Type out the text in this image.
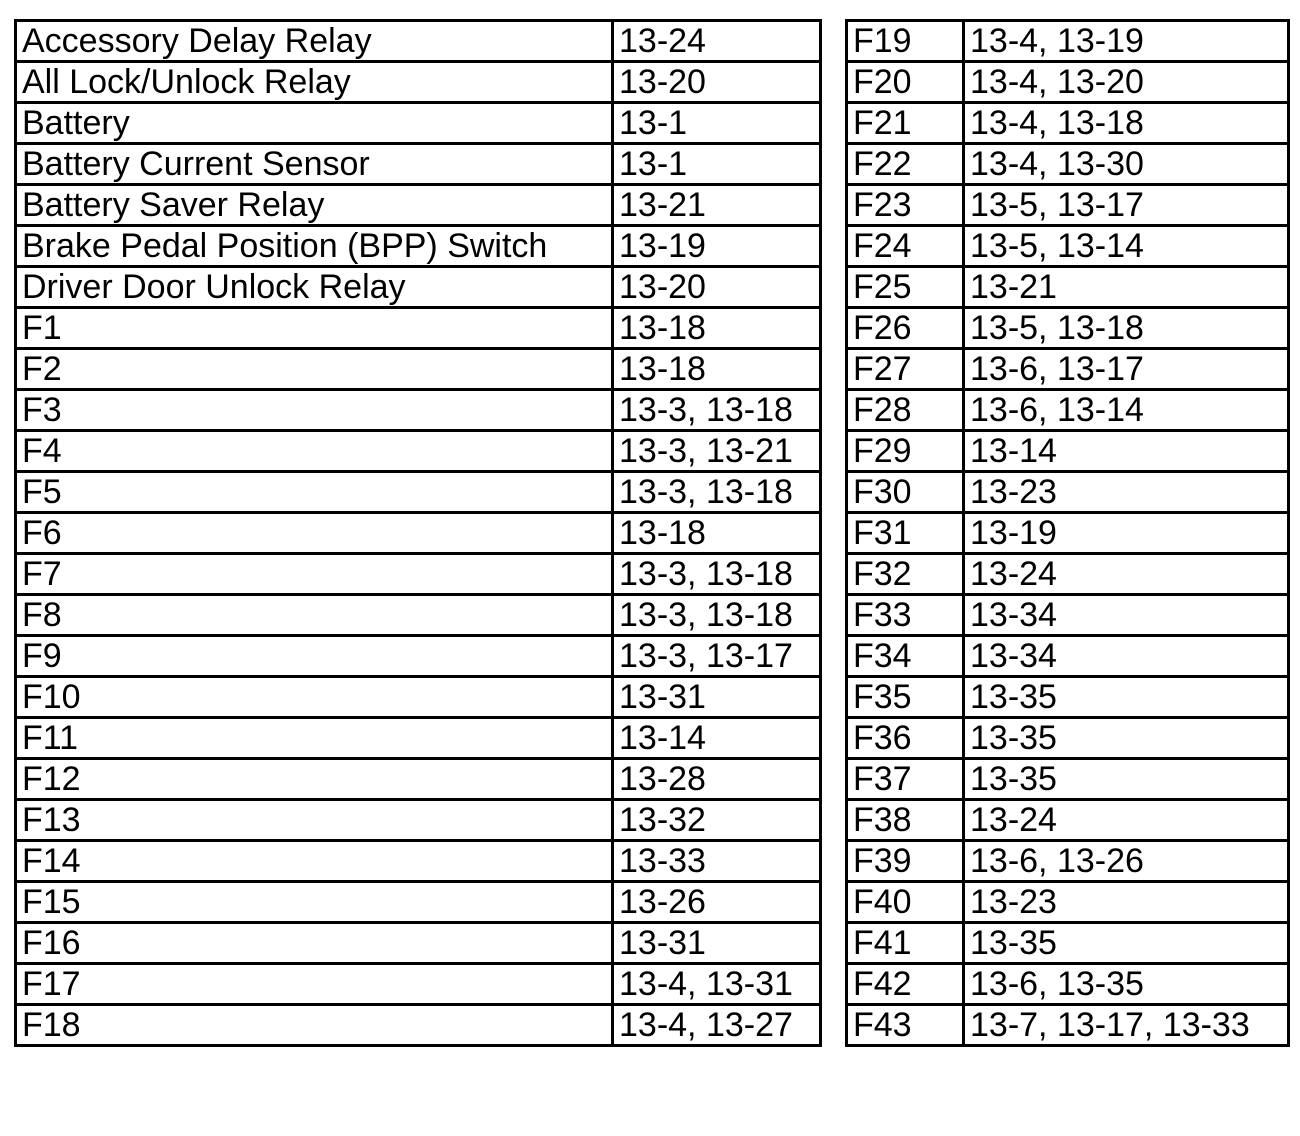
Accessory Delay Relay	13-24
All Lock/Unlock Relay	13-20
Battery	13-1
Battery Current Sensor	13-1
Battery Saver Relay	13-21
Brake Pedal Position (BPP) Switch	13-19
Driver Door Unlock Relay	13-20
F1	13-18
F2	13-18
F3	13-3, 13-18
F4	13-3, 13-21
F5	13-3, 13-18
F6	13-18
F7	13-3, 13-18
F8	13-3, 13-18
F9	13-3, 13-17
F10	13-31
F11	13-14
F12	13-28
F13	13-32
F14	13-33
F15	13-26
F16	13-31
F17	13-4, 13-31
F18	13-4, 13-27
F19	13-4, 13-19
F20	13-4, 13-20
F21	13-4, 13-18
F22	13-4, 13-30
F23	13-5, 13-17
F24	13-5, 13-14
F25	13-21
F26	13-5, 13-18
F27	13-6, 13-17
F28	13-6, 13-14
F29	13-14
F30	13-23
F31	13-19
F32	13-24
F33	13-34
F34	13-34
F35	13-35
F36	13-35
F37	13-35
F38	13-24
F39	13-6, 13-26
F40	13-23
F41	13-35
F42	13-6, 13-35
F43	13-7, 13-17, 13-33
